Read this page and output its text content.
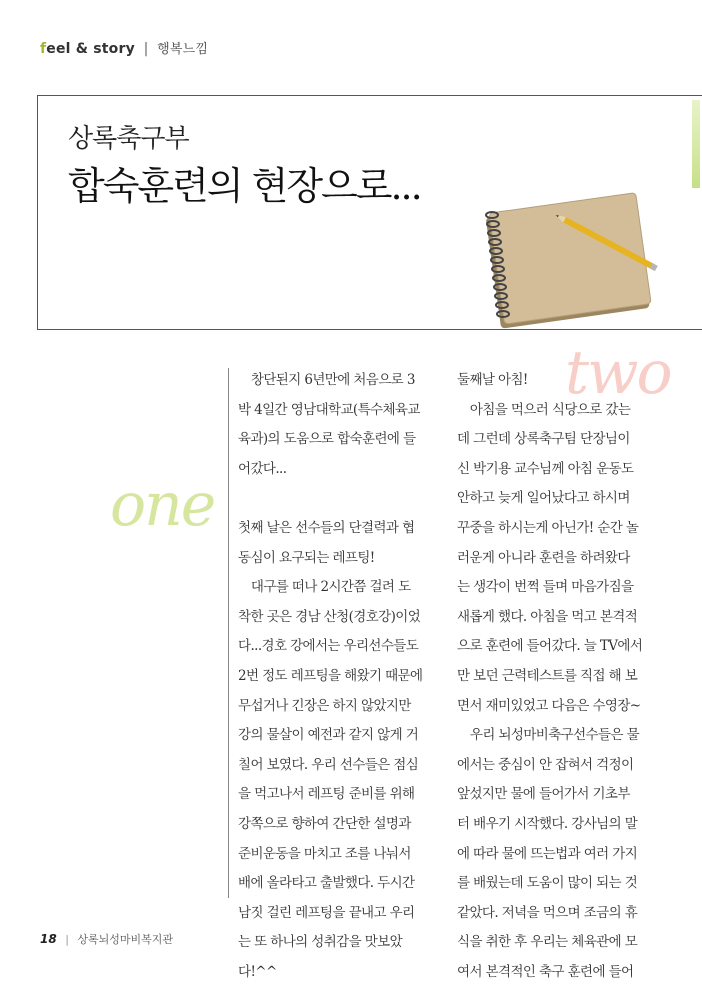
feel & story | 행복느낌
상록축구부
합숙훈련의 현장으로...
one
two
　창단된지 6년만에 처음으로 3
박 4일간 영남대학교(특수체육교
육과)의 도움으로 합숙훈련에 들
어갔다...
첫째 날은 선수들의 단결력과 협
동심이 요구되는 레프팅!
　대구를 떠나 2시간쯤 걸려 도
착한 곳은 경남 산청(경호강)이었
다...경호 강에서는 우리선수들도
2번 정도 레프팅을 해왔기 때문에
무섭거나 긴장은 하지 않았지만
강의 물살이 예전과 같지 않게 거
칠어 보였다. 우리 선수들은 점심
을 먹고나서 레프팅 준비를 위해
강쪽으로 향하여 간단한 설명과
준비운동을 마치고 조를 나눠서
배에 올라타고 출발했다. 두시간
남짓 걸린 레프팅을 끝내고 우리
는 또 하나의 성취감을 맛보았
다!^^
둘째날 아침!
　아침을 먹으러 식당으로 갔는
데 그런데 상록축구팀 단장님이
신 박기용 교수님께 아침 운동도
안하고 늦게 일어났다고 하시며
꾸중을 하시는게 아닌가! 순간 놀
러운게 아니라 훈련을 하려왔다
는 생각이 번쩍 들며 마음가짐을
새롭게 했다. 아침을 먹고 본격적
으로 훈련에 들어갔다. 늘 TV에서
만 보던 근력테스트를 직접 해 보
면서 재미있었고 다음은 수영장~
　우리 뇌성마비축구선수들은 물
에서는 중심이 안 잡혀서 걱정이
앞섰지만 물에 들어가서 기초부
터 배우기 시작했다. 강사님의 말
에 따라 물에 뜨는법과 여러 가지
를 배웠는데 도움이 많이 되는 것
같았다. 저녁을 먹으며 조금의 휴
식을 취한 후 우리는 체육관에 모
여서 본격적인 축구 훈련에 들어
18 | 상록뇌성마비복지관
